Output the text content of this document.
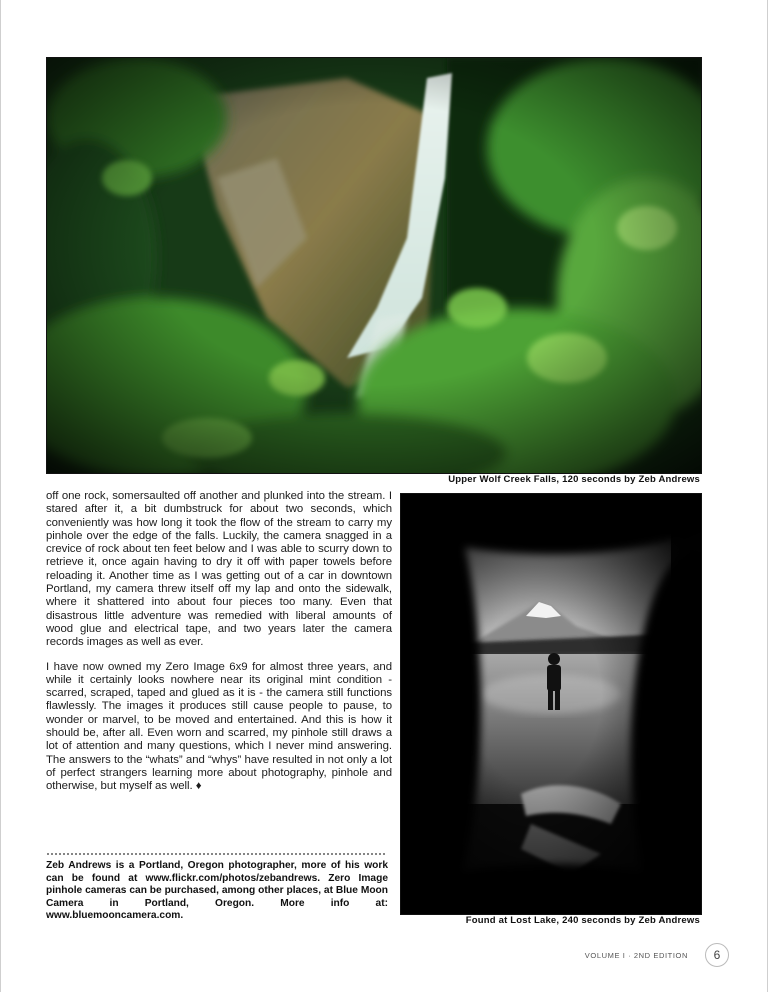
Upper Wolf Creek Falls, 120 seconds by Zeb Andrews

off one rock, somersaulted off another and plunked into the stream. I stared after it, a bit dumbstruck for about two seconds, which conveniently was how long it took the flow of the stream to carry my pinhole over the edge of the falls. Luckily, the camera snagged in a crevice of rock about ten feet below and I was able to scurry down to retrieve it, once again having to dry it off with paper towels before reloading it. Another time as I was getting out of a car in downtown Portland, my camera threw itself off my lap and onto the sidewalk, where it shattered into about four pieces too many. Even that disastrous little adventure was remedied with liberal amounts of wood glue and electrical tape, and two years later the camera records images as well as ever.

I have now owned my Zero Image 6x9 for almost three years, and while it certainly looks nowhere near its original mint condition - scarred, scraped, taped and glued as it is - the camera still functions flawlessly. The images it produces still cause people to pause, to wonder or marvel, to be moved and entertained. And this is how it should be, after all. Even worn and scarred, my pinhole still draws a lot of attention and many questions, which I never mind answering. The answers to the “whats” and “whys” have resulted in not only a lot of perfect strangers learning more about photography, pinhole and otherwise, but myself as well. ♦

Zeb Andrews is a Portland, Oregon photographer, more of his work can be found at www.flickr.com/photos/zebandrews. Zero Image pinhole cameras can be purchased, among other places, at Blue Moon Camera in Portland, Oregon. More info at: www.bluemooncamera.com.	Found at Lost Lake, 240 seconds by Zeb Andrews
VOLUME I · 2ND EDITION	6
